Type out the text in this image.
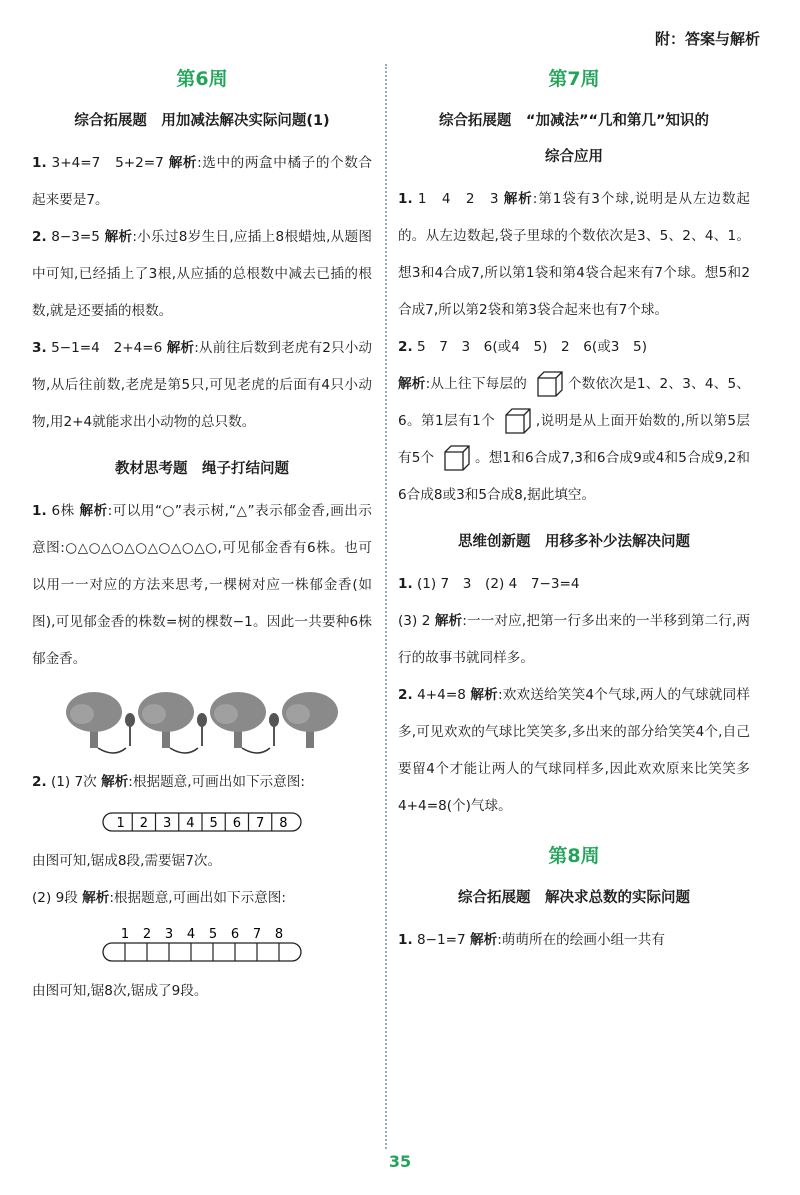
附：答案与解析
第6周
综合拓展题　用加减法解决实际问题(1)

1. 3+4=7　5+2=7 解析:选中的两盒中橘子的个数合起来要是7。

2. 8−3=5 解析:小乐过8岁生日,应插上8根蜡烛,从题图中可知,已经插上了3根,从应插的总根数中减去已插的根数,就是还要插的根数。

3. 5−1=4　2+4=6 解析:从前往后数到老虎有2只小动物,从后往前数,老虎是第5只,可见老虎的后面有4只小动物,用2+4就能求出小动物的总只数。

教材思考题　绳子打结问题

1. 6株 解析:可以用“○”表示树,“△”表示郁金香,画出示意图:○△○△○△○△○△○△○,可见郁金香有6株。也可以用一一对应的方法来思考,一棵树对应一株郁金香(如图),可见郁金香的株数=树的棵数−1。因此一共要种6株郁金香。

2. (1) 7次 解析:根据题意,可画出如下示意图:

1 2 3 4 5 6 7 8

由图可知,锯成8段,需要锯7次。

(2) 9段 解析:根据题意,可画出如下示意图:

1 2 3 4 5 6 7 8

由图可知,锯8次,锯成了9段。

第7周
综合拓展题　“加减法”“几和第几”知识的
综合应用

1. 1　4　2　3 解析:第1袋有3个球,说明是从左边数起的。从左边数起,袋子里球的个数依次是3、5、2、4、1。想3和4合成7,所以第1袋和第4袋合起来有7个球。想5和2合成7,所以第2袋和第3袋合起来也有7个球。

2. 5　7　3　6(或4　5)　2　6(或3　5)

解析:从上往下每层的	个数依次是1、2、3、4、5、6。第1层有1个	,说明是从上面开始数的,所以第5层有5个	。想1和6合成7,3和6合成9或4和5合成9,2和6合成8或3和5合成8,据此填空。

思维创新题　用移多补少法解决问题

1. (1) 7　3　(2) 4　7−3=4

(3) 2 解析:一一对应,把第一行多出来的一半移到第二行,两行的故事书就同样多。

2. 4+4=8 解析:欢欢送给笑笑4个气球,两人的气球就同样多,可见欢欢的气球比笑笑多,多出来的部分给笑笑4个,自己要留4个才能让两人的气球同样多,因此欢欢原来比笑笑多4+4=8(个)气球。

第8周
综合拓展题　解决求总数的实际问题

1. 8−1=7 解析:萌萌所在的绘画小组一共有

35
